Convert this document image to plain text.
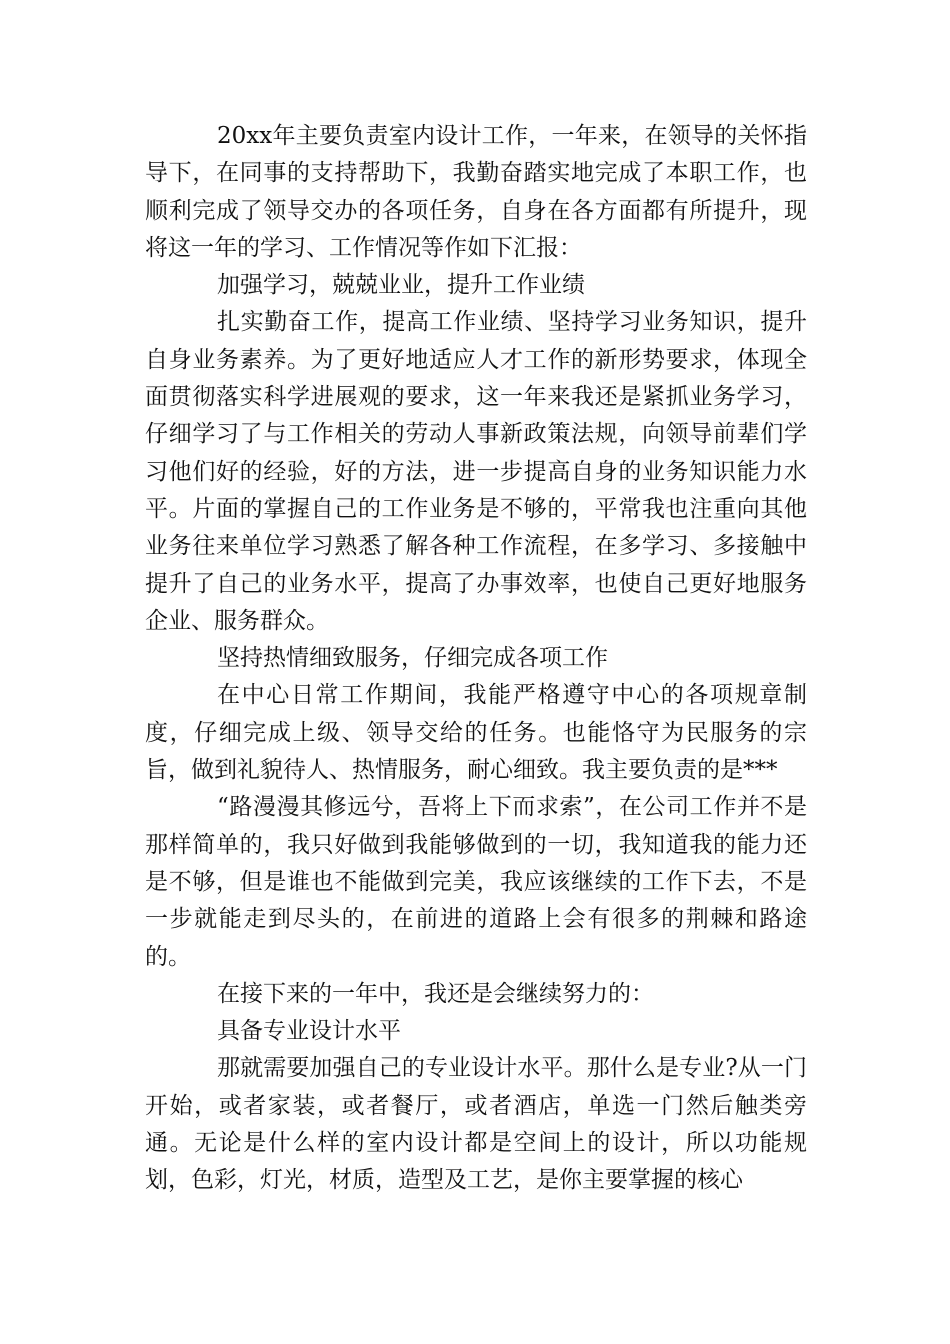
20xx年主要负责室内设计工作，一年来，在领导的关怀指导下，在同事的支持帮助下，我勤奋踏实地完成了本职工作，也顺利完成了领导交办的各项任务，自身在各方面都有所提升，现将这一年的学习、工作情况等作如下汇报：

加强学习，兢兢业业，提升工作业绩

扎实勤奋工作，提高工作业绩、坚持学习业务知识，提升自身业务素养。为了更好地适应人才工作的新形势要求，体现全面贯彻落实科学进展观的要求，这一年来我还是紧抓业务学习，仔细学习了与工作相关的劳动人事新政策法规，向领导前辈们学习他们好的经验，好的方法，进一步提高自身的业务知识能力水平。片面的掌握自己的工作业务是不够的，平常我也注重向其他业务往来单位学习熟悉了解各种工作流程，在多学习、多接触中提升了自己的业务水平，提高了办事效率，也使自己更好地服务企业、服务群众。

坚持热情细致服务，仔细完成各项工作

在中心日常工作期间，我能严格遵守中心的各项规章制度，仔细完成上级、领导交给的任务。也能恪守为民服务的宗旨，做到礼貌待人、热情服务，耐心细致。我主要负责的是***

“路漫漫其修远兮，吾将上下而求索”，在公司工作并不是那样简单的，我只好做到我能够做到的一切，我知道我的能力还是不够，但是谁也不能做到完美，我应该继续的工作下去，不是一步就能走到尽头的，在前进的道路上会有很多的荆棘和路途的。

在接下来的一年中，我还是会继续努力的：

具备专业设计水平

那就需要加强自己的专业设计水平。那什么是专业?从一门开始，或者家装，或者餐厅，或者酒店，单选一门然后触类旁通。无论是什么样的室内设计都是空间上的设计，所以功能规划，色彩，灯光，材质，造型及工艺，是你主要掌握的核心
